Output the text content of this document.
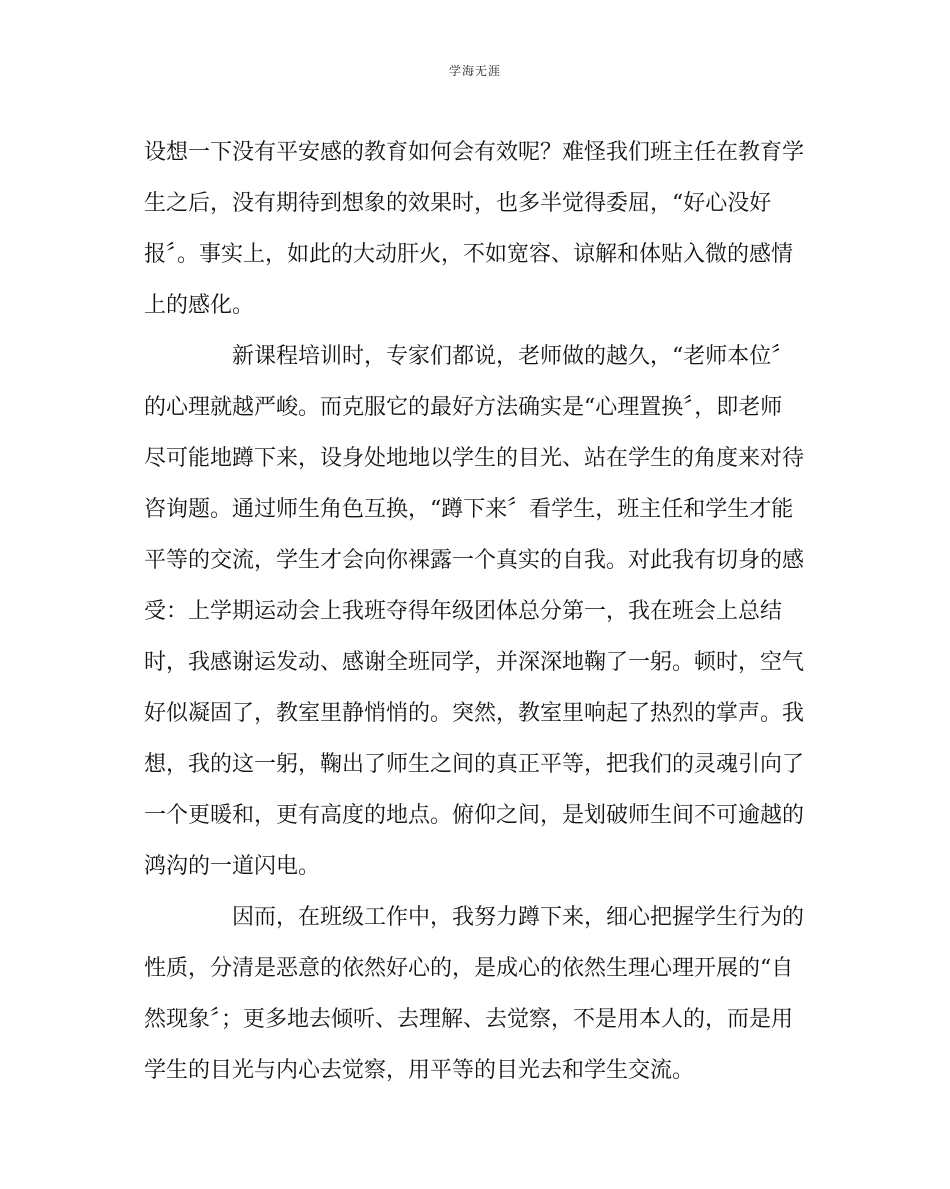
学海无涯
设想一下没有平安感的教育如何会有效呢？难怪我们班主任在教育学
生之后，没有期待到想象的效果时，也多半觉得委屈，“好心没好
报〞。事实上，如此的大动肝火，不如宽容、谅解和体贴入微的感情
上的感化。
新课程培训时，专家们都说，老师做的越久，“老师本位〞
的心理就越严峻。而克服它的最好方法确实是“心理置换〞，即老师
尽可能地蹲下来，设身处地地以学生的目光、站在学生的角度来对待
咨询题。通过师生角色互换，“蹲下来〞看学生，班主任和学生才能
平等的交流，学生才会向你裸露一个真实的自我。对此我有切身的感
受：上学期运动会上我班夺得年级团体总分第一，我在班会上总结
时，我感谢运发动、感谢全班同学，并深深地鞠了一躬。顿时，空气
好似凝固了，教室里静悄悄的。突然，教室里响起了热烈的掌声。我
想，我的这一躬，鞠出了师生之间的真正平等，把我们的灵魂引向了
一个更暖和，更有高度的地点。俯仰之间，是划破师生间不可逾越的
鸿沟的一道闪电。
因而，在班级工作中，我努力蹲下来，细心把握学生行为的
性质，分清是恶意的依然好心的，是成心的依然生理心理开展的“自
然现象〞；更多地去倾听、去理解、去觉察，不是用本人的，而是用
学生的目光与内心去觉察，用平等的目光去和学生交流。
